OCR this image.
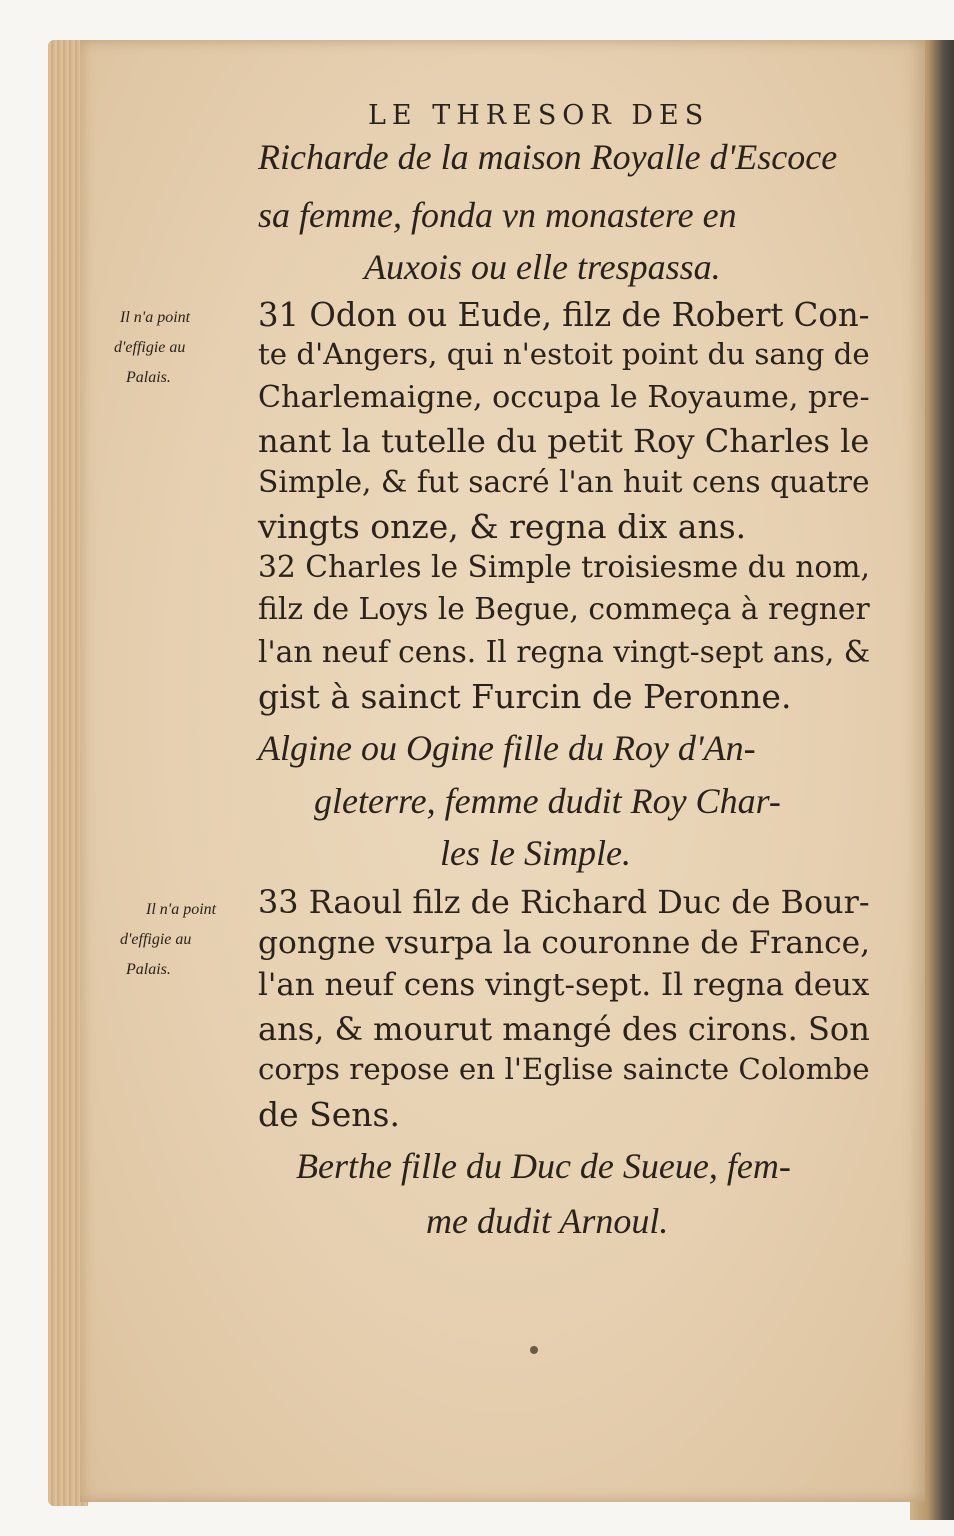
LE THRESOR DES
Richarde de la maison Royalle d'Escoce
sa femme, fonda vn monastere en
Auxois ou elle trespassa.
Il n'a point
d'effigie au
Palais.
31 Odon ou Eude, filz de Robert Con-
te d'Angers, qui n'estoit point du sang de
Charlemaigne, occupa le Royaume, pre-
nant la tutelle du petit Roy Charles le
Simple, & fut sacré l'an huit cens quatre
vingts onze, & regna dix ans.
32 Charles le Simple troisiesme du nom,
filz de Loys le Begue, commeça à regner
l'an neuf cens. Il regna vingt-sept ans, &
gist à sainct Furcin de Peronne.
Algine ou Ogine fille du Roy d'An-
gleterre, femme dudit Roy Char-
les le Simple.
Il n'a point
d'effigie au
Palais.
33 Raoul filz de Richard Duc de Bour-
gongne vsurpa la couronne de France,
l'an neuf cens vingt-sept. Il regna deux
ans, & mourut mangé des cirons. Son
corps repose en l'Eglise saincte Colombe
de Sens.
Berthe fille du Duc de Sueue, fem-
me dudit Arnoul.
